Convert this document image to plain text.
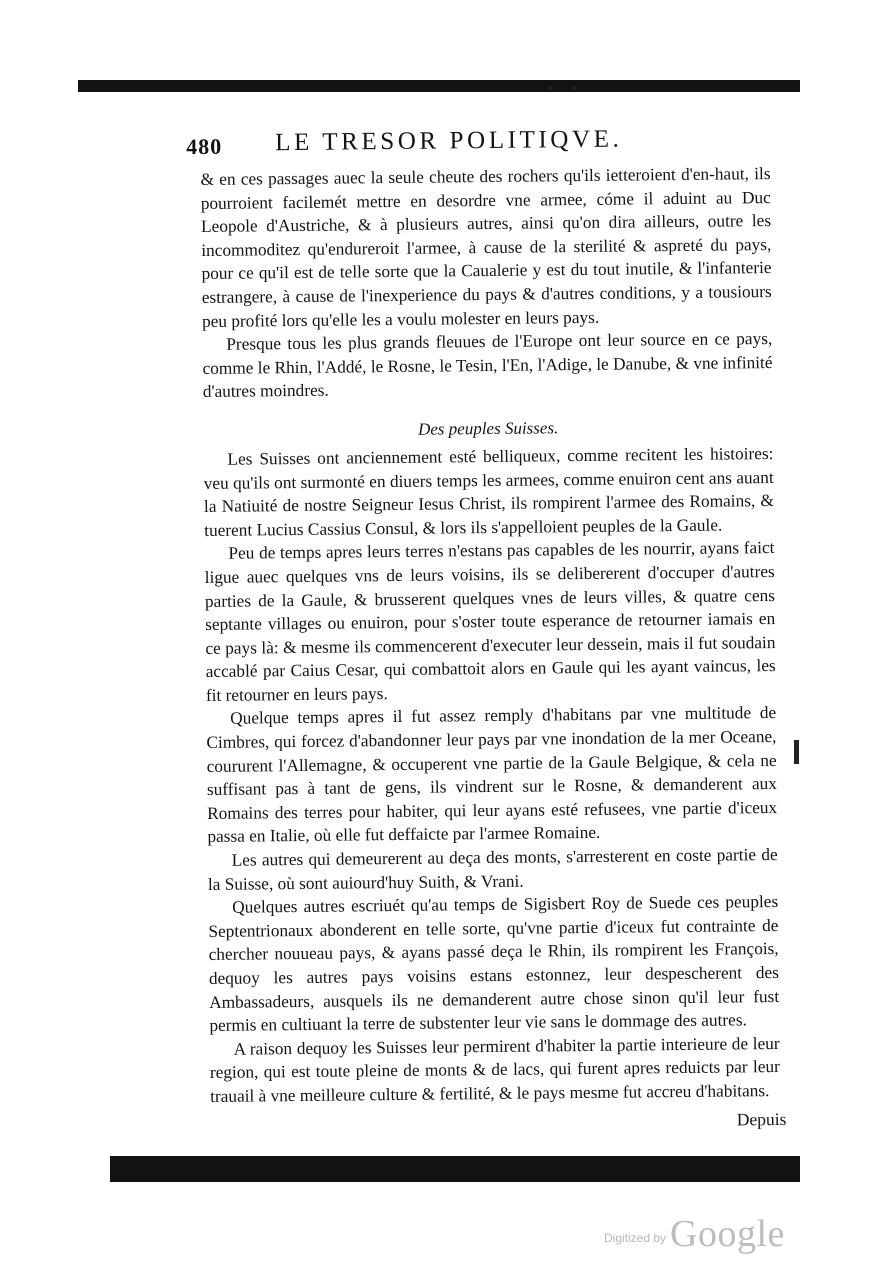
480 LE TRESOR POLITIQVE.

& en ces passages auec la seule cheute des rochers qu'ils ietteroient d'en-haut, ils pourroient facilemét mettre en desordre vne armee, cóme il aduint au Duc Leopole d'Austriche, & à plusieurs autres, ainsi qu'on dira ailleurs, outre les incommoditez qu'endureroit l'armee, à cause de la sterilité & aspreté du pays, pour ce qu'il est de telle sorte que la Caualerie y est du tout inutile, & l'infanterie estrangere, à cause de l'inexperience du pays & d'autres conditions, y a tousiours peu profité lors qu'elle les a voulu molester en leurs pays.

Presque tous les plus grands fleuues de l'Europe ont leur source en ce pays, comme le Rhin, l'Addé, le Rosne, le Tesin, l'En, l'Adige, le Danube, & vne infinité d'autres moindres.

Des peuples Suisses.

Les Suisses ont anciennement esté belliqueux, comme recitent les histoires: veu qu'ils ont surmonté en diuers temps les armees, comme enuiron cent ans auant la Natiuité de nostre Seigneur Iesus Christ, ils rompirent l'armee des Romains, & tuerent Lucius Cassius Consul, & lors ils s'appelloient peuples de la Gaule.

Peu de temps apres leurs terres n'estans pas capables de les nourrir, ayans faict ligue auec quelques vns de leurs voisins, ils se delibererent d'occuper d'autres parties de la Gaule, & brusserent quelques vnes de leurs villes, & quatre cens septante villages ou enuiron, pour s'oster toute esperance de retourner iamais en ce pays là: & mesme ils commencerent d'executer leur dessein, mais il fut soudain accablé par Caius Cesar, qui combattoit alors en Gaule qui les ayant vaincus, les fit retourner en leurs pays.

Quelque temps apres il fut assez remply d'habitans par vne multitude de Cimbres, qui forcez d'abandonner leur pays par vne inondation de la mer Oceane, coururent l'Allemagne, & occuperent vne partie de la Gaule Belgique, & cela ne suffisant pas à tant de gens, ils vindrent sur le Rosne, & demanderent aux Romains des terres pour habiter, qui leur ayans esté refusees, vne partie d'iceux passa en Italie, où elle fut deffaicte par l'armee Romaine.

Les autres qui demeurerent au deça des monts, s'arresterent en coste partie de la Suisse, où sont auiourd'huy Suith, & Vrani.

Quelques autres escriuét qu'au temps de Sigisbert Roy de Suede ces peuples Septentrionaux abonderent en telle sorte, qu'vne partie d'iceux fut contrainte de chercher nouueau pays, & ayans passé deça le Rhin, ils rompirent les François, dequoy les autres pays voisins estans estonnez, leur despescherent des Ambassadeurs, ausquels ils ne demanderent autre chose sinon qu'il leur fust permis en cultiuant la terre de substenter leur vie sans le dommage des autres.

A raison dequoy les Suisses leur permirent d'habiter la partie interieure de leur region, qui est toute pleine de monts & de lacs, qui furent apres reduicts par leur trauail à vne meilleure culture & fertilité, & le pays mesme fut accreu d'habitans.

Depuis
$^{Digitized by}$ Google
